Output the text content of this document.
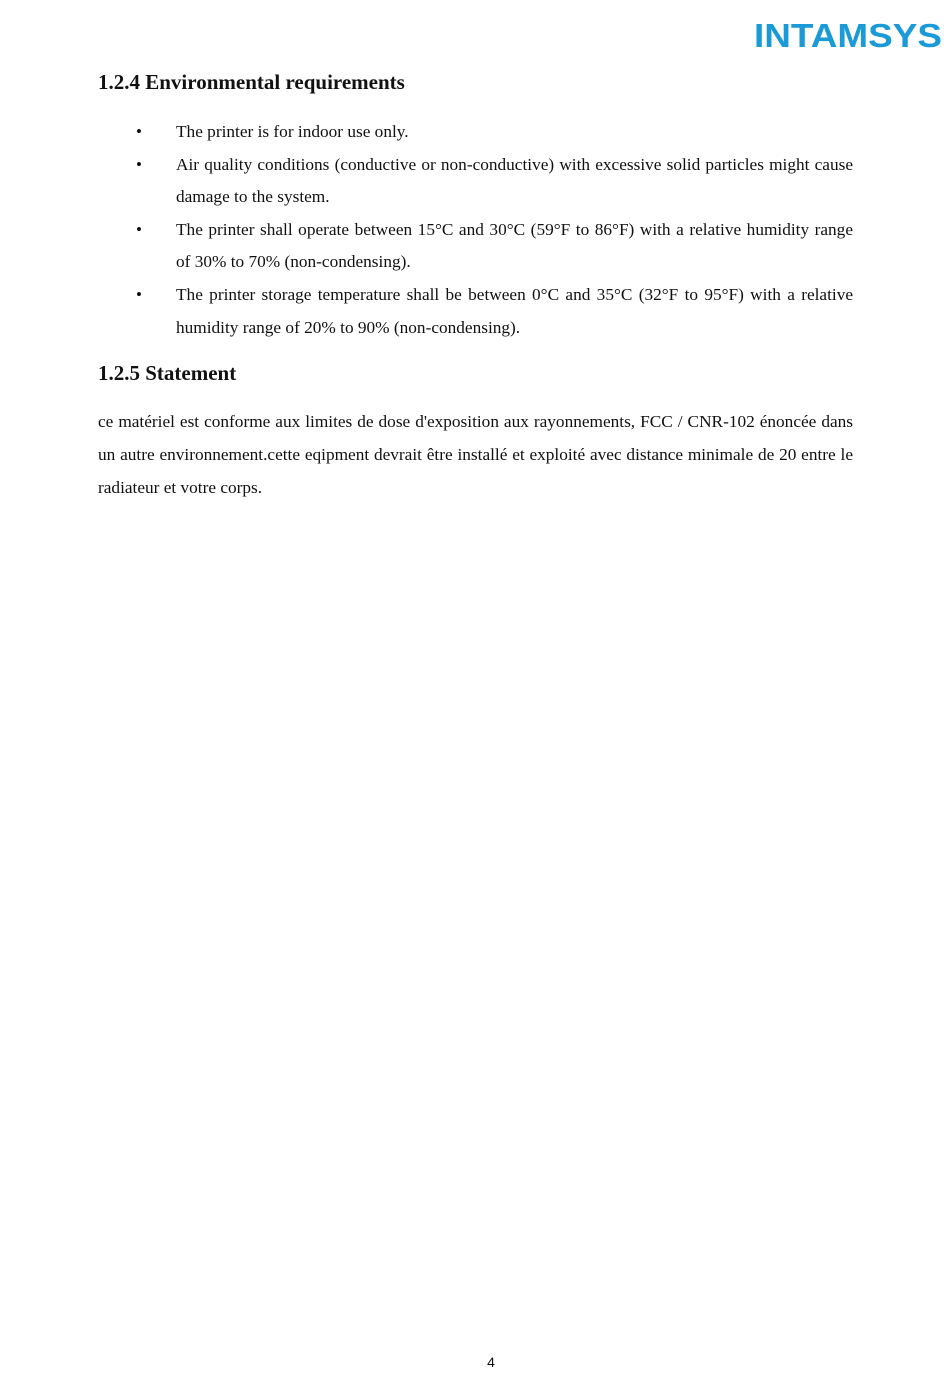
INTAMSYS
1.2.4 Environmental requirements
• The printer is for indoor use only.
• Air quality conditions (conductive or non-conductive) with excessive solid particles might cause damage to the system.
• The printer shall operate between 15°C and 30°C (59°F to 86°F) with a relative humidity range of 30% to 70% (non-condensing).
• The printer storage temperature shall be between 0°C and 35°C (32°F to 95°F) with a relative humidity range of 20% to 90% (non-condensing).
1.2.5 Statement

ce matériel est conforme aux limites de dose d'exposition aux rayonnements, FCC / CNR-102 énoncée dans un autre environnement.cette eqipment devrait être installé et exploité avec distance minimale de 20 entre le radiateur et votre corps.

4
